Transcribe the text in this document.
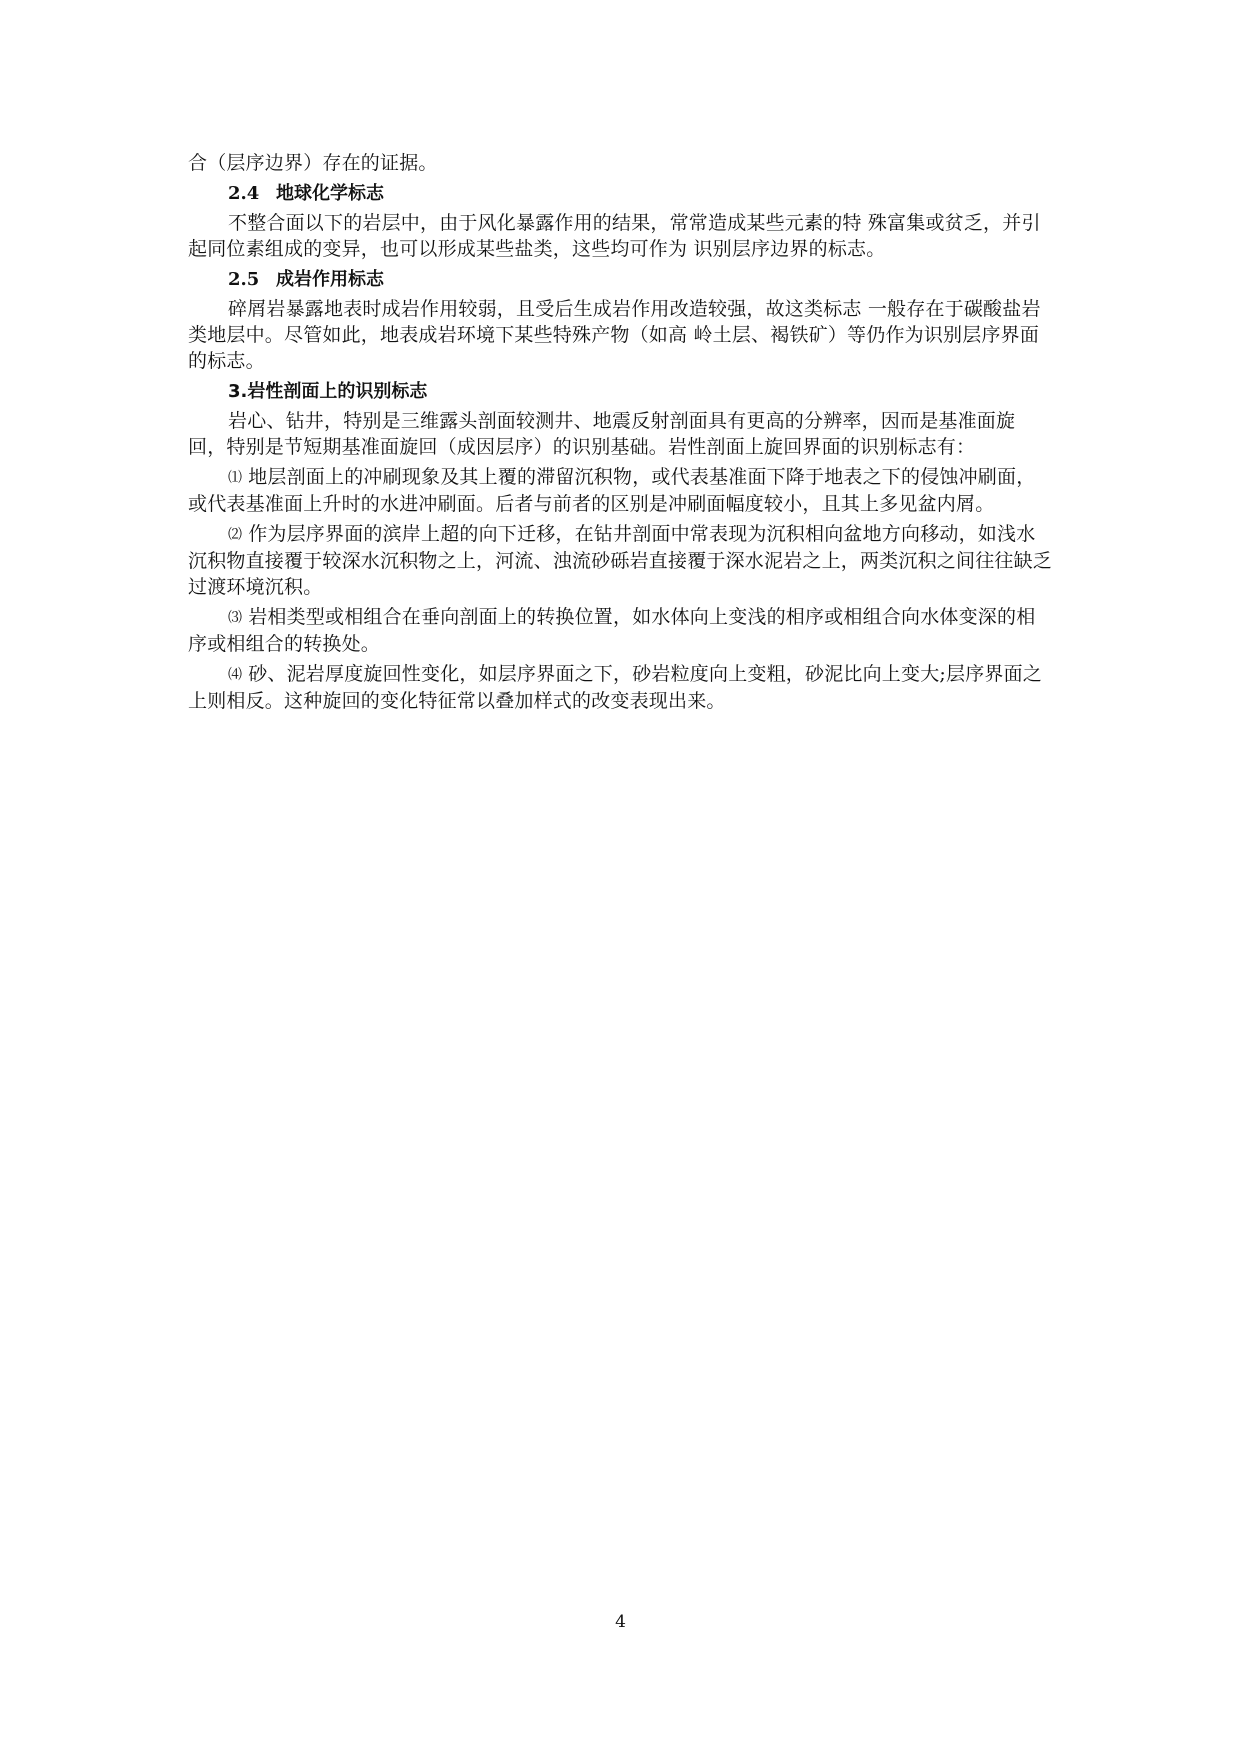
合（层序边界）存在的证据。

2.4 地球化学标志

不整合面以下的岩层中，由于风化暴露作用的结果，常常造成某些元素的特 殊富集或贫乏，并引起同位素组成的变异，也可以形成某些盐类，这些均可作为 识别层序边界的标志。

2.5 成岩作用标志

碎屑岩暴露地表时成岩作用较弱，且受后生成岩作用改造较强，故这类标志 一般存在于碳酸盐岩类地层中。尽管如此，地表成岩环境下某些特殊产物（如高 岭土层、褐铁矿）等仍作为识别层序界面的标志。

3.岩性剖面上的识别标志

岩心、钻井，特别是三维露头剖面较测井、地震反射剖面具有更高的分辨率，因而是基准面旋回，特别是节短期基准面旋回（成因层序）的识别基础。岩性剖面上旋回界面的识别标志有：

⑴ 地层剖面上的冲刷现象及其上覆的滞留沉积物，或代表基准面下降于地表之下的侵蚀冲刷面，或代表基准面上升时的水进冲刷面。后者与前者的区别是冲刷面幅度较小，且其上多见盆内屑。

⑵ 作为层序界面的滨岸上超的向下迁移，在钻井剖面中常表现为沉积相向盆地方向移动，如浅水沉积物直接覆于较深水沉积物之上，河流、浊流砂砾岩直接覆于深水泥岩之上，两类沉积之间往往缺乏过渡环境沉积。

⑶ 岩相类型或相组合在垂向剖面上的转换位置，如水体向上变浅的相序或相组合向水体变深的相序或相组合的转换处。

⑷ 砂、泥岩厚度旋回性变化，如层序界面之下，砂岩粒度向上变粗，砂泥比向上变大;层序界面之上则相反。这种旋回的变化特征常以叠加样式的改变表现出来。

4
